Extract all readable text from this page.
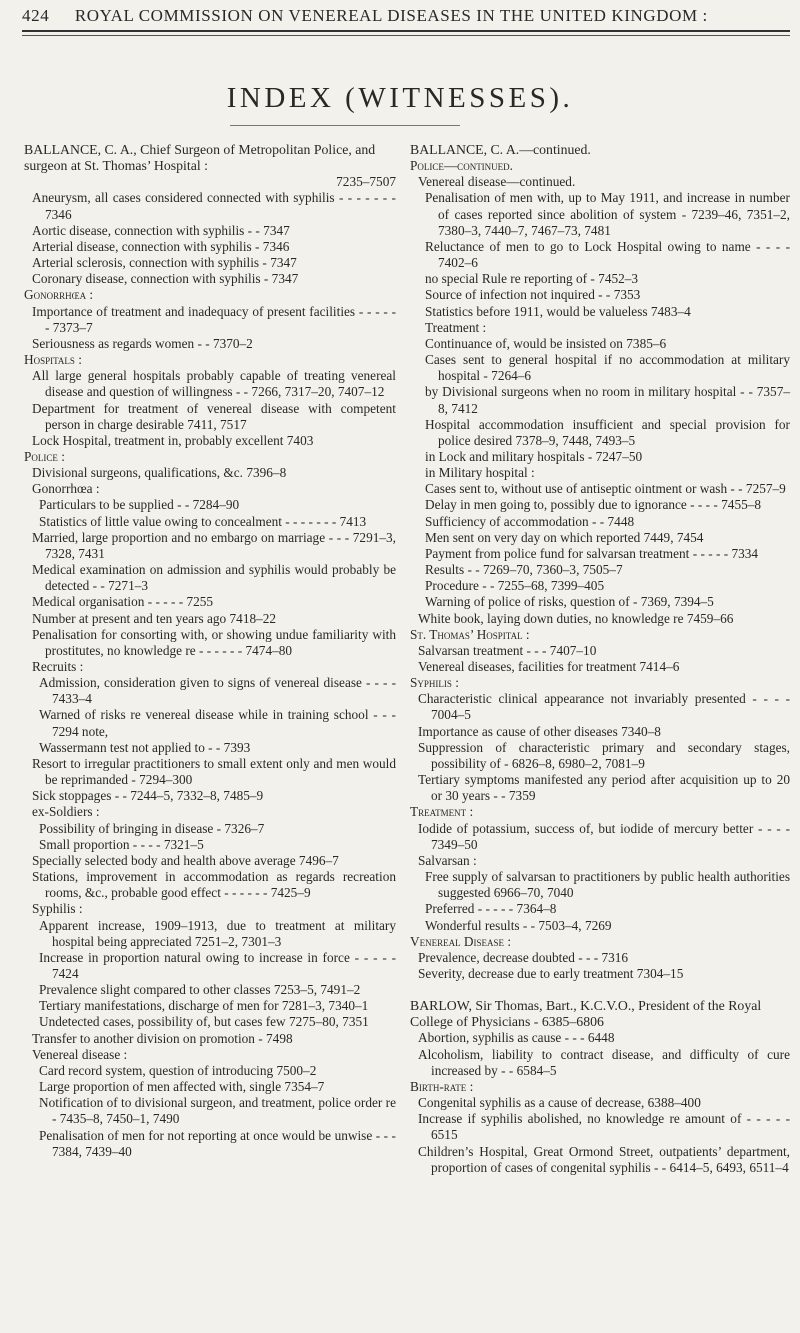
424 ROYAL COMMISSION ON VENEREAL DISEASES IN THE UNITED KINGDOM :
INDEX (WITNESSES).
BALLANCE, C. A., Chief Surgeon of Metropolitan Police, and surgeon at St. Thomas’ Hospital :
7235–7507
Aneurysm, all cases considered connected with syphilis - - - - - - - 7346
Aortic disease, connection with syphilis - - 7347
Arterial disease, connection with syphilis - 7346
Arterial sclerosis, connection with syphilis - 7347
Coronary disease, connection with syphilis - 7347
Gonorrhœa :
Importance of treatment and inadequacy of present facilities - - - - - - 7373–7
Seriousness as regards women - - 7370–2
Hospitals :
All large general hospitals probably capable of treating venereal disease and question of willingness - - 7266, 7317–20, 7407–12
Department for treatment of venereal disease with competent person in charge desirable 7411, 7517
Lock Hospital, treatment in, probably excellent 7403
Police :
Divisional surgeons, qualifications, &c. 7396–8
Gonorrhœa :
Particulars to be supplied - - 7284–90
Statistics of little value owing to concealment - - - - - - - 7413
Married, large proportion and no embargo on marriage - - - 7291–3, 7328, 7431
Medical examination on admission and syphilis would probably be detected - - 7271–3
Medical organisation - - - - - 7255
Number at present and ten years ago 7418–22
Penalisation for consorting with, or showing undue familiarity with prostitutes, no knowledge re - - - - - - 7474–80
Recruits :
Admission, consideration given to signs of venereal disease - - - - 7433–4
Warned of risks re venereal disease while in training school - - - 7294 note,
Wassermann test not applied to - - 7393
Resort to irregular practitioners to small extent only and men would be reprimanded - 7294–300
Sick stoppages - - 7244–5, 7332–8, 7485–9
ex-Soldiers :
Possibility of bringing in disease - 7326–7
Small proportion - - - - 7321–5
Specially selected body and health above average 7496–7
Stations, improvement in accommodation as regards recreation rooms, &c., probable good effect - - - - - - 7425–9
Syphilis :
Apparent increase, 1909–1913, due to treatment at military hospital being appreciated 7251–2, 7301–3
Increase in proportion natural owing to increase in force - - - - - 7424
Prevalence slight compared to other classes 7253–5, 7491–2
Tertiary manifestations, discharge of men for 7281–3, 7340–1
Undetected cases, possibility of, but cases few 7275–80, 7351
Transfer to another division on promotion - 7498
Venereal disease :
Card record system, question of introducing 7500–2
Large proportion of men affected with, single 7354–7
Notification of to divisional surgeon, and treatment, police order re - 7435–8, 7450–1, 7490
Penalisation of men for not reporting at once would be unwise - - - 7384, 7439–40
BALLANCE, C. A.—continued.
Police—continued.
Venereal disease—continued.
Penalisation of men with, up to May 1911, and increase in number of cases reported since abolition of system - 7239–46, 7351–2, 7380–3, 7440–7, 7467–73, 7481
Reluctance of men to go to Lock Hospital owing to name - - - - 7402–6
no special Rule re reporting of - 7452–3
Source of infection not inquired - - 7353
Statistics before 1911, would be valueless 7483–4
Treatment :
Continuance of, would be insisted on 7385–6
Cases sent to general hospital if no accommodation at military hospital - 7264–6
by Divisional surgeons when no room in military hospital - - 7357–8, 7412
Hospital accommodation insufficient and special provision for police desired 7378–9, 7448, 7493–5
in Lock and military hospitals - 7247–50
in Military hospital :
Cases sent to, without use of antiseptic ointment or wash - - 7257–9
Delay in men going to, possibly due to ignorance - - - - 7455–8
Sufficiency of accommodation - - 7448
Men sent on very day on which reported 7449, 7454
Payment from police fund for salvarsan treatment - - - - - 7334
Results - - 7269–70, 7360–3, 7505–7
Procedure - - 7255–68, 7399–405
Warning of police of risks, question of - 7369, 7394–5
White book, laying down duties, no knowledge re 7459–66
St. Thomas’ Hospital :
Salvarsan treatment - - - 7407–10
Venereal diseases, facilities for treatment 7414–6
Syphilis :
Characteristic clinical appearance not invariably presented - - - - 7004–5
Importance as cause of other diseases 7340–8
Suppression of characteristic primary and secondary stages, possibility of - 6826–8, 6980–2, 7081–9
Tertiary symptoms manifested any period after acquisition up to 20 or 30 years - - 7359
Treatment :
Iodide of potassium, success of, but iodide of mercury better - - - - 7349–50
Salvarsan :
Free supply of salvarsan to practitioners by public health authorities suggested 6966–70, 7040
Preferred - - - - - 7364–8
Wonderful results - - 7503–4, 7269
Venereal Disease :
Prevalence, decrease doubted - - - 7316
Severity, decrease due to early treatment 7304–15
BARLOW, Sir Thomas, Bart., K.C.V.O., President of the Royal College of Physicians - 6385–6806
Abortion, syphilis as cause - - - 6448
Alcoholism, liability to contract disease, and difficulty of cure increased by - - 6584–5
Birth-rate :
Congenital syphilis as a cause of decrease, 6388–400
Increase if syphilis abolished, no knowledge re amount of - - - - - 6515
Children’s Hospital, Great Ormond Street, outpatients’ department, proportion of cases of congenital syphilis - - 6414–5, 6493, 6511–4
